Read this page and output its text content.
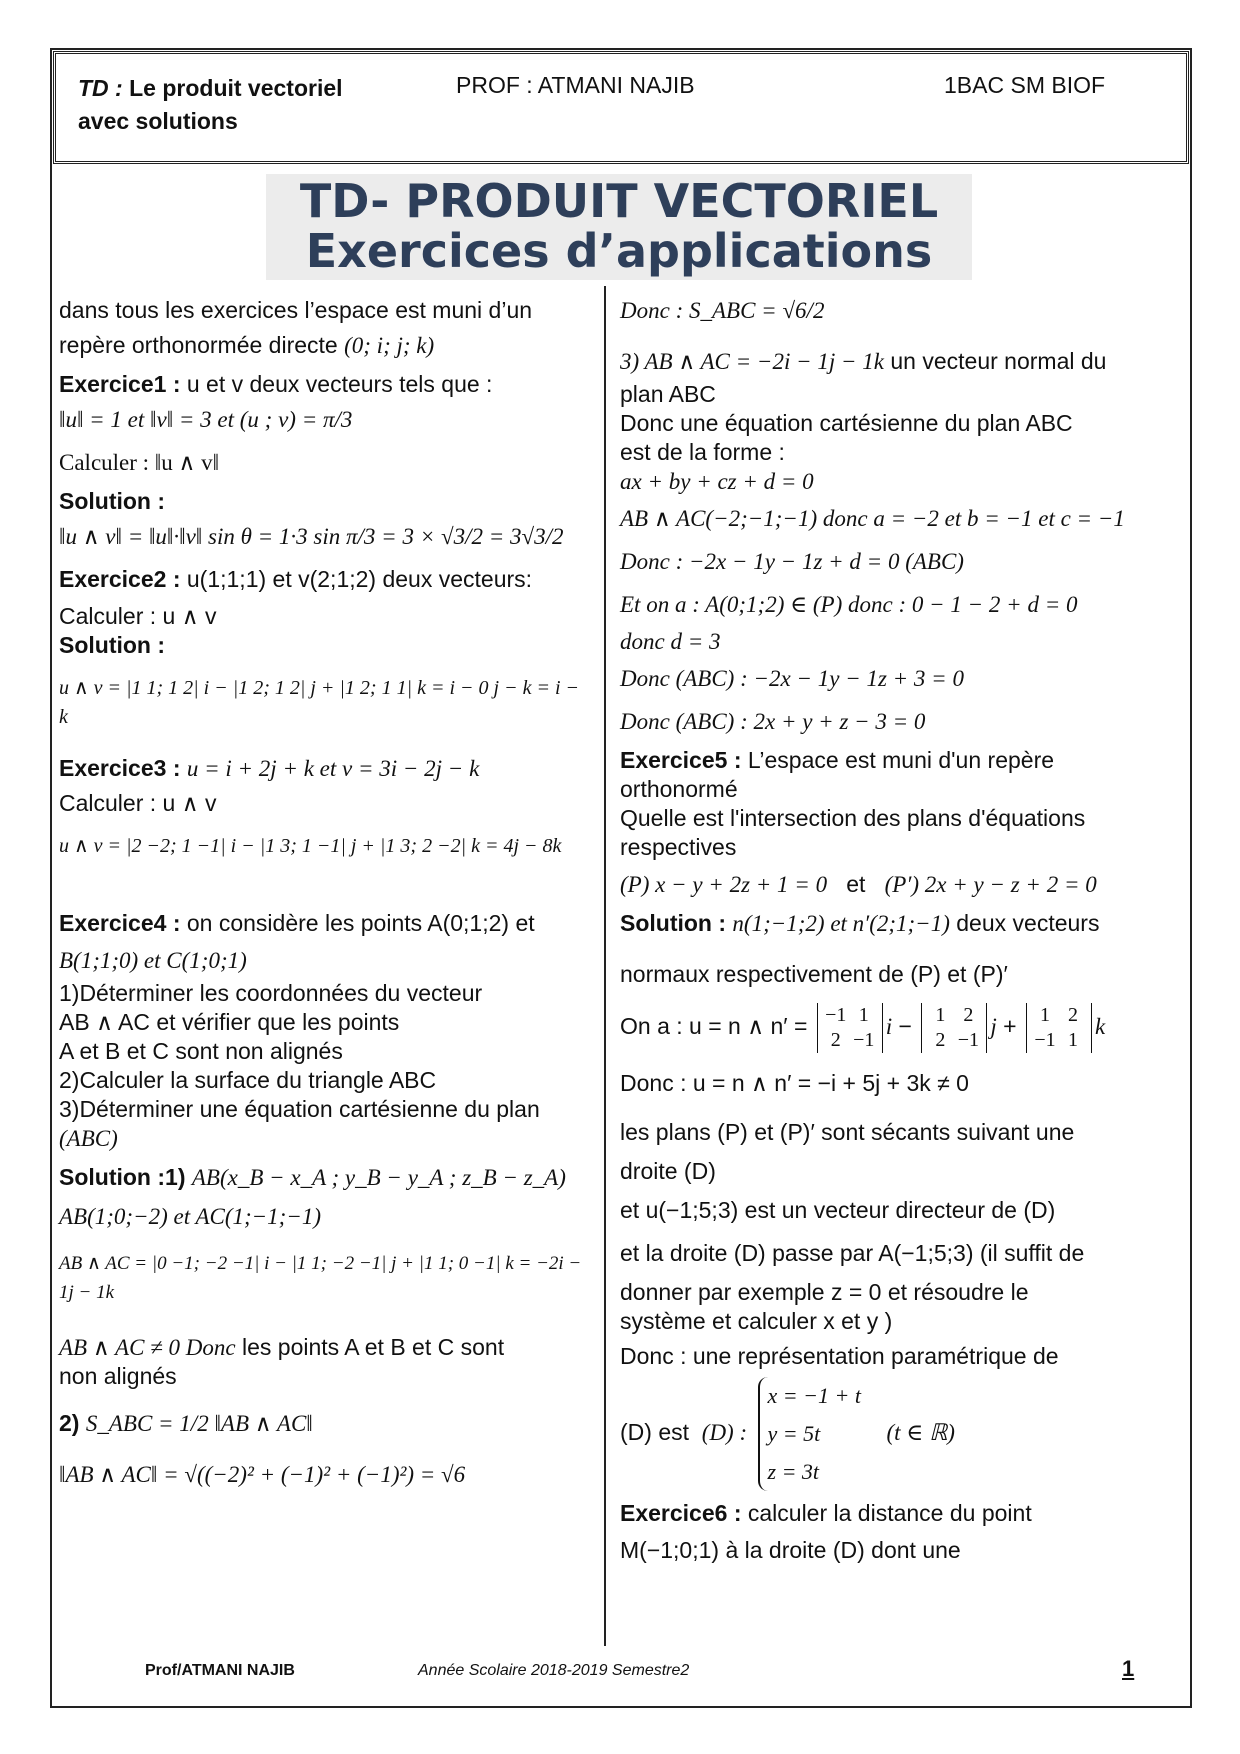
TD : Le produit vectoriel
avec solutions
PROF : ATMANI NAJIB	1BAC SM BIOF
TD- PRODUIT VECTORIEL
Exercices d’applications

dans tous les exercices l’espace est muni d’un

repère orthonormée directe (0; i; j; k)

Exercice1 : u et v deux vecteurs tels que :

‖u‖ = 1 et ‖v‖ = 3 et (u ; v) = π/3

Calculer : ‖u ∧ v‖

Solution :

‖u ∧ v‖ = ‖u‖·‖v‖ sin θ = 1·3 sin π/3 = 3 × √3/2 = 3√3/2

Exercice2 : u(1;1;1) et v(2;1;2) deux vecteurs:

Calculer : u ∧ v

Solution :

u ∧ v = |1 1; 1 2| i − |1 2; 1 2| j + |1 2; 1 1| k = i − 0 j − k = i − k

Exercice3 : u = i + 2j + k et v = 3i − 2j − k

Calculer : u ∧ v

u ∧ v = |2 −2; 1 −1| i − |1 3; 1 −1| j + |1 3; 2 −2| k = 4j − 8k

Exercice4 : on considère les points A(0;1;2) et

B(1;1;0) et C(1;0;1)

1)Déterminer les coordonnées du vecteur

AB ∧ AC et vérifier que les points

A et B et C sont non alignés

2)Calculer la surface du triangle ABC

3)Déterminer une équation cartésienne du plan

(ABC)

Solution :1) AB(x_B − x_A ; y_B − y_A ; z_B − z_A)

AB(1;0;−2) et AC(1;−1;−1)

AB ∧ AC = |0 −1; −2 −1| i − |1 1; −2 −1| j + |1 1; 0 −1| k = −2i − 1j − 1k

AB ∧ AC ≠ 0 Donc les points A et B et C sont

non alignés

2) S_ABC = 1/2 ‖AB ∧ AC‖

‖AB ∧ AC‖ = √((−2)² + (−1)² + (−1)²) = √6

Donc : S_ABC = √6/2

3) AB ∧ AC = −2i − 1j − 1k un vecteur normal du

plan ABC

Donc une équation cartésienne du plan ABC

est de la forme :

ax + by + cz + d = 0

AB ∧ AC(−2;−1;−1) donc a = −2 et b = −1 et c = −1

Donc : −2x − 1y − 1z + d = 0 (ABC)

Et on a : A(0;1;2) ∈ (P) donc : 0 − 1 − 2 + d = 0

donc d = 3

Donc (ABC) : −2x − 1y − 1z + 3 = 0

Donc (ABC) : 2x + y + z − 3 = 0

Exercice5 : L’espace est muni d'un repère

orthonormé

Quelle est l'intersection des plans d'équations

respectives

(P) x − y + 2z + 1 = 0 et (P′) 2x + y − z + 2 = 0

Solution : n(1;−1;2) et n′(2;1;−1) deux vecteurs

normaux respectivement de (P) et (P)′

On a : u = n ∧ n′ = −1 1
2 −1i − 1 2
2 −1j + 1 2
−1 1k

Donc : u = n ∧ n′ = −i + 5j + 3k ≠ 0

les plans (P) et (P)′ sont sécants suivant une

droite (D)

et u(−1;5;3) est un vecteur directeur de (D)

et la droite (D) passe par A(−1;5;3) (il suffit de

donner par exemple z = 0 et résoudre le

système et calculer x et y )

Donc : une représentation paramétrique de

(D) est (D) : x = −1 + t
y = 5t
z = 3t    (t ∈ ℝ)

Exercice6 : calculer la distance du point

M(−1;0;1) à la droite (D) dont une

Prof/ATMANI NAJIB	Année Scolaire 2018-2019 Semestre2	1
